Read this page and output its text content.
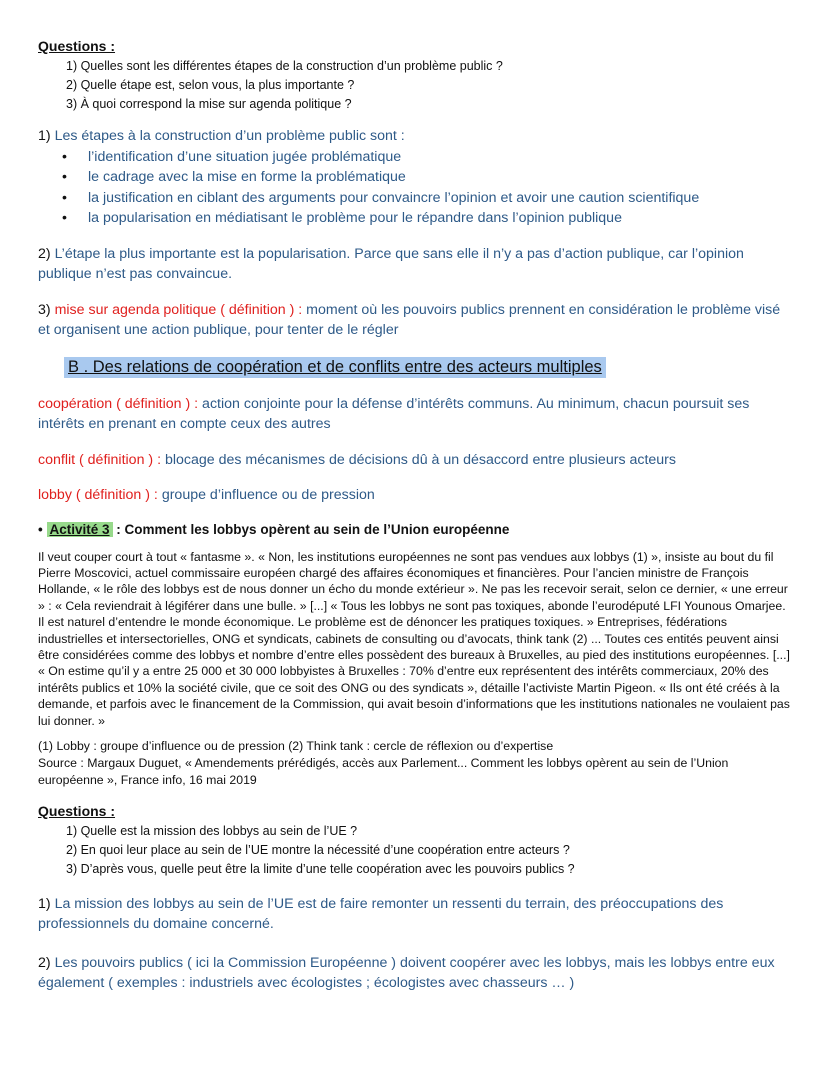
Questions :

1) Quelles sont les différentes étapes de la construction d’un problème public ?
2) Quelle étape est, selon vous, la plus importante ?
3) À quoi correspond la mise sur agenda politique ?

1) Les étapes à la construction d’un problème public sont :

• l’identification d’une situation jugée problématique
• le cadrage avec la mise en forme la problématique
• la justification en ciblant des arguments pour convaincre l’opinion et avoir une caution scientifique
• la popularisation en médiatisant le problème pour le répandre dans l’opinion publique

2) L’étape la plus importante est la popularisation. Parce que sans elle il n’y a pas d’action publique, car l’opinion publique n’est pas convaincue.

3) mise sur agenda politique ( définition ) : moment où les pouvoirs publics prennent en considération le problème visé et organisent une action publique, pour tenter de le régler

B . Des relations de coopération et de conflits entre des acteurs multiples

coopération ( définition ) : action conjointe pour la défense d’intérêts communs. Au minimum, chacun poursuit ses intérêts en prenant en compte ceux des autres

conflit ( définition ) : blocage des mécanismes de décisions dû à un désaccord entre plusieurs acteurs

lobby ( définition ) : groupe d’influence ou de pression

• Activité 3 : Comment les lobbys opèrent au sein de l’Union européenne

Il veut couper court à tout « fantasme ». « Non, les institutions européennes ne sont pas vendues aux lobbys (1) », insiste au bout du fil Pierre Moscovici, actuel commissaire européen chargé des affaires économiques et financières. Pour l’ancien ministre de François Hollande, « le rôle des lobbys est de nous donner un écho du monde extérieur ». Ne pas les recevoir serait, selon ce dernier, « une erreur » : « Cela reviendrait à légiférer dans une bulle. » [...] « Tous les lobbys ne sont pas toxiques, abonde l’eurodéputé LFI Younous Omarjee. Il est naturel d’entendre le monde économique. Le problème est de dénoncer les pratiques toxiques. » Entreprises, fédérations industrielles et intersectorielles, ONG et syndicats, cabinets de consulting ou d’avocats, think tank (2) ... Toutes ces entités peuvent ainsi être considérées comme des lobbys et nombre d’entre elles possèdent des bureaux à Bruxelles, au pied des institutions européennes. [...] « On estime qu’il y a entre 25 000 et 30 000 lobbyistes à Bruxelles : 70% d’entre eux représentent des intérêts commerciaux, 20% des intérêts publics et 10% la société civile, que ce soit des ONG ou des syndicats », détaille l’activiste Martin Pigeon. « Ils ont été créés à la demande, et parfois avec le financement de la Commission, qui avait besoin d’informations que les institutions nationales ne voulaient pas lui donner. »

(1) Lobby : groupe d’influence ou de pression (2) Think tank : cercle de réflexion ou d’expertise

Source : Margaux Duguet, « Amendements prérédigés, accès aux Parlement... Comment les lobbys opèrent au sein de l’Union européenne », France info, 16 mai 2019

Questions :

1) Quelle est la mission des lobbys au sein de l’UE ?
2) En quoi leur place au sein de l’UE montre la nécessité d’une coopération entre acteurs ?
3) D’après vous, quelle peut être la limite d’une telle coopération avec les pouvoirs publics ?

1) La mission des lobbys au sein de l’UE est de faire remonter un ressenti du terrain, des préoccupations des professionnels du domaine concerné.

2) Les pouvoirs publics ( ici la Commission Européenne ) doivent coopérer avec les lobbys, mais les lobbys entre eux également ( exemples : industriels avec écologistes ; écologistes avec chasseurs … )
